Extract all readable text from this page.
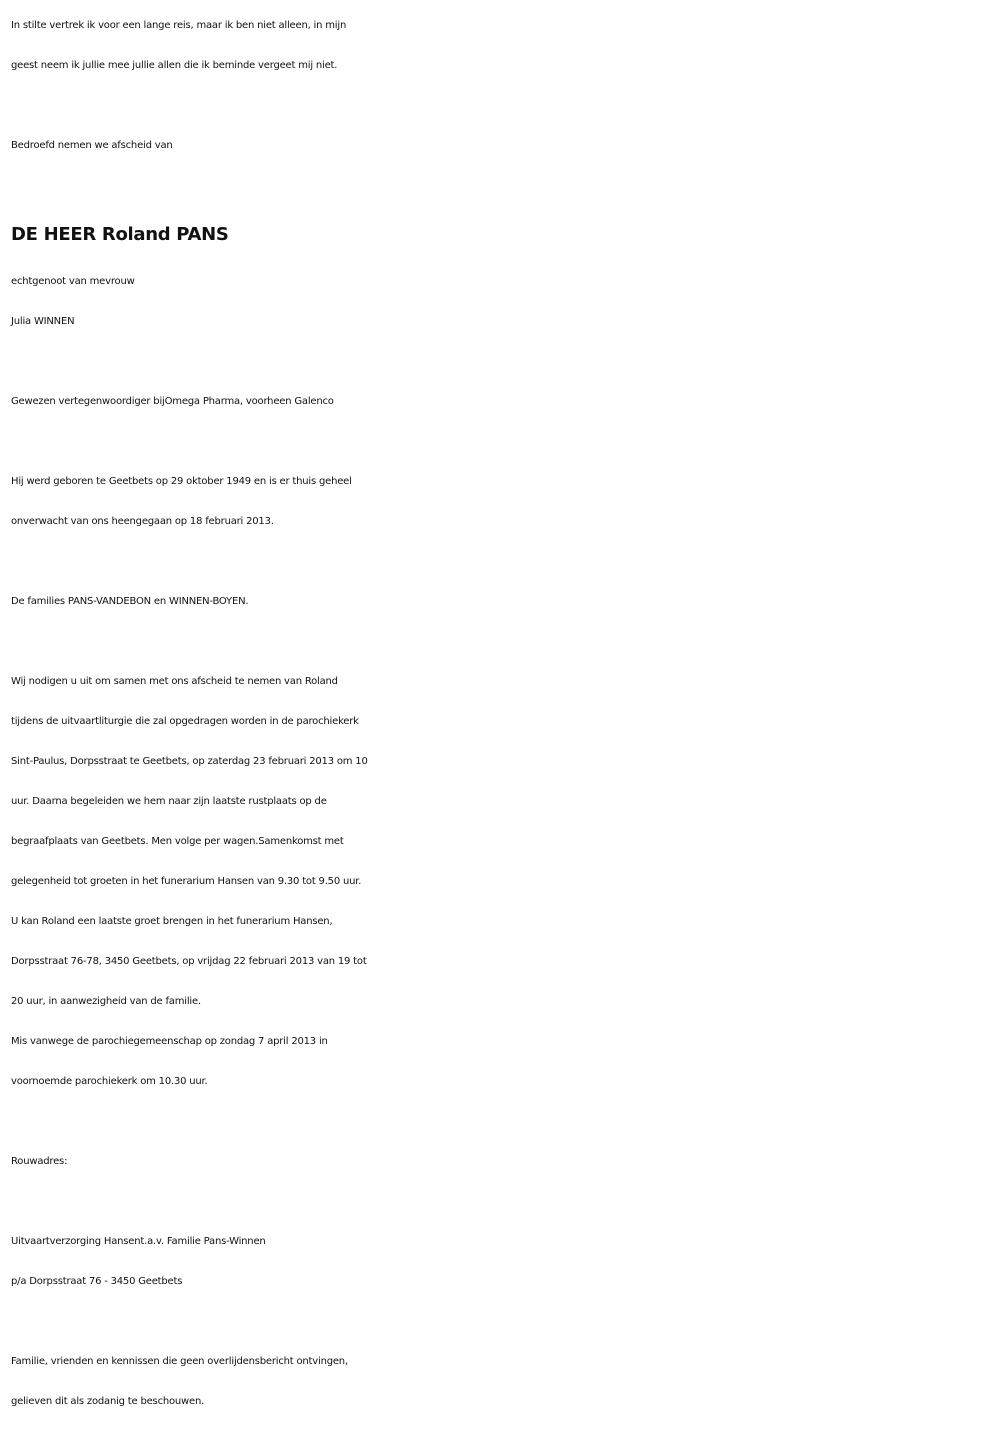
In stilte vertrek ik voor een lange reis, maar ik ben niet alleen, in mijn
geest neem ik jullie mee jullie allen die ik beminde vergeet mij niet.
Bedroefd nemen we afscheid van
DE HEER Roland PANS
echtgenoot van mevrouw
Julia WINNEN
Gewezen vertegenwoordiger bijOmega Pharma, voorheen Galenco
Hij werd geboren te Geetbets op 29 oktober 1949 en is er thuis geheel
onverwacht van ons heengegaan op 18 februari 2013.
De families PANS-VANDEBON en WINNEN-BOYEN.
Wij nodigen u uit om samen met ons afscheid te nemen van Roland
tijdens de uitvaartliturgie die zal opgedragen worden in de parochiekerk
Sint-Paulus, Dorpsstraat te Geetbets, op zaterdag 23 februari 2013 om 10
uur. Daarna begeleiden we hem naar zijn laatste rustplaats op de
begraafplaats van Geetbets. Men volge per wagen.Samenkomst met
gelegenheid tot groeten in het funerarium Hansen van 9.30 tot 9.50 uur.
U kan Roland een laatste groet brengen in het funerarium Hansen,
Dorpsstraat 76-78, 3450 Geetbets, op vrijdag 22 februari 2013 van 19 tot
20 uur, in aanwezigheid van de familie.
Mis vanwege de parochiegemeenschap op zondag 7 april 2013 in
voornoemde parochiekerk om 10.30 uur.
Rouwadres:
Uitvaartverzorging Hansent.a.v. Familie Pans-Winnen
p/a Dorpsstraat 76 - 3450 Geetbets
Familie, vrienden en kennissen die geen overlijdensbericht ontvingen,
gelieven dit als zodanig te beschouwen.
